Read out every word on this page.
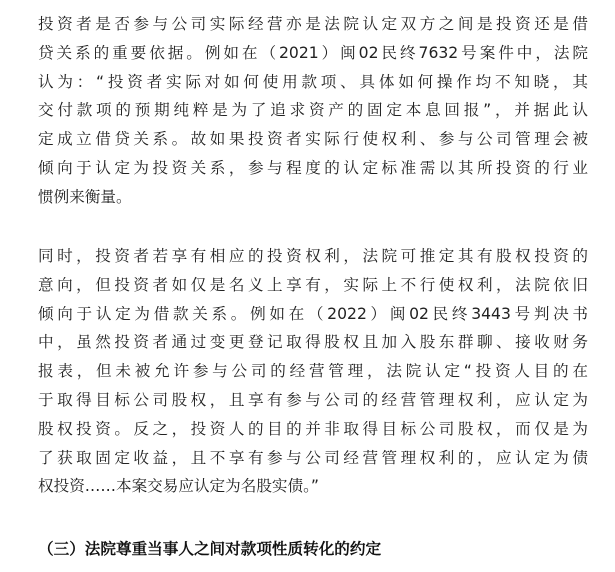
投资者是否参与公司实际经营亦是法院认定双方之间是投资还是借
贷关系的重要依据。例如在（2021）闽02民终7632号案件中，法院
认为：“投资者实际对如何使用款项、具体如何操作均不知晓，其
交付款项的预期纯粹是为了追求资产的固定本息回报”，并据此认
定成立借贷关系。故如果投资者实际行使权利、参与公司管理会被
倾向于认定为投资关系，参与程度的认定标准需以其所投资的行业
惯例来衡量。
同时，投资者若享有相应的投资权利，法院可推定其有股权投资的
意向，但投资者如仅是名义上享有，实际上不行使权利，法院依旧
倾向于认定为借款关系。例如在（2022）闽02民终3443号判决书
中，虽然投资者通过变更登记取得股权且加入股东群聊、接收财务
报表，但未被允许参与公司的经营管理，法院认定“投资人目的在
于取得目标公司股权，且享有参与公司的经营管理权利，应认定为
股权投资。反之，投资人的目的并非取得目标公司股权，而仅是为
了获取固定收益，且不享有参与公司经营管理权利的，应认定为债
权投资……本案交易应认定为名股实债。”
（三）法院尊重当事人之间对款项性质转化的约定
